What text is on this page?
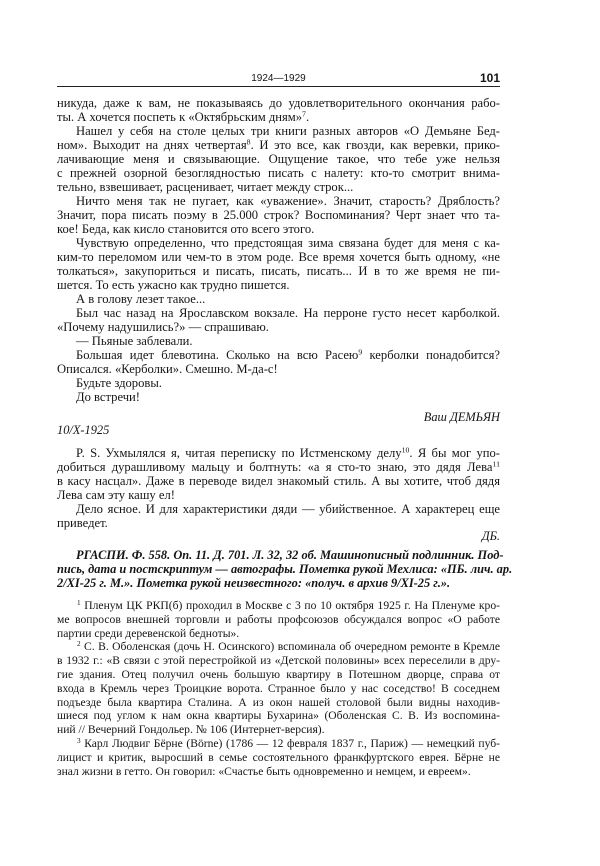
1924—1929	101
никуда, даже к вам, не показываясь до удовлетворительного окончания рабо-
ты. А хочется поспеть к «Октябрьским дням»$^7$.
Нашел у себя на столе целых три книги разных авторов «О Демьяне Бед-
ном». Выходит на днях четвертая$^8$. И это все, как гвозди, как веревки, прико-
лачивающие меня и связывающие. Ощущение такое, что тебе уже нельзя
с прежней озорной безоглядностью писать с налету: кто-то смотрит внима-
тельно, взвешивает, расценивает, читает между строк...
Ничто меня так не пугает, как «уважение». Значит, старость? Дряблость?
Значит, пора писать поэму в 25.000 строк? Воспоминания? Черт знает что та-
кое! Беда, как кисло становится ото всего этого.
Чувствую определенно, что предстоящая зима связана будет для меня с ка-
ким-то переломом или чем-то в этом роде. Все время хочется быть одному, «не
толкаться», закупориться и писать, писать, писать... И в то же время не пи-
шется. То есть ужасно как трудно пишется.
А в голову лезет такое...
Был час назад на Ярославском вокзале. На перроне густо несет карболкой.
«Почему надушились?» — спрашиваю.
— Пьяные заблевали.
Большая идет блевотина. Сколько на всю Расею$^9$ керболки понадобится?
Описался. «Керболки». Смешно. М-да-с!
Будьте здоровы.
До встречи!
Ваш ДЕМЬЯН
10/X-1925
P. S. Ухмылялся я, читая переписку по Истменскому делу$^{10}$. Я бы мог упо-
добиться дурашливому мальцу и болтнуть: «а я сто-то знаю, это дядя Лева$^{11}$
в касу насцал». Даже в переводе видел знакомый стиль. А вы хотите, чтоб дядя
Лева сам эту кашу ел!
Дело ясное. И для характеристики дяди — убийственное. А характерец еще
приведет.
ДБ.
РГАСПИ. Ф. 558. Оп. 11. Д. 701. Л. 32, 32 об. Машинописный подлинник. Под-
пись, дата и постскриптум — автографы. Пометка рукой Мехлиса: «ПБ. лич. ар.
2/XI-25 г. М.». Пометка рукой неизвестного: «получ. в архив 9/XI-25 г.».
$^1$ Пленум ЦК РКП(б) проходил в Москве с 3 по 10 октября 1925 г. На Пленуме кро-
ме вопросов внешней торговли и работы профсоюзов обсуждался вопрос «О работе
партии среди деревенской бедноты».
$^2$ С. В. Оболенская (дочь Н. Осинского) вспоминала об очередном ремонте в Кремле
в 1932 г.: «В связи с этой перестройкой из «Детской половины» всех переселили в дру-
гие здания. Отец получил очень большую квартиру в Потешном дворце, справа от
входа в Кремль через Троицкие ворота. Странное было у нас соседство! В соседнем
подъезде была квартира Сталина. А из окон нашей столовой были видны находив-
шиеся под углом к нам окна квартиры Бухарина» (Оболенская С. В. Из воспомина-
ний // Вечерний Гондольер. № 106 (Интернет-версия).
$^3$ Карл Людвиг Бёрне (Börne) (1786 — 12 февраля 1837 г., Париж) — немецкий пуб-
лицист и критик, выросший в семье состоятельного франкфуртского еврея. Бёрне не
знал жизни в гетто. Он говорил: «Счастье быть одновременно и немцем, и евреем».
